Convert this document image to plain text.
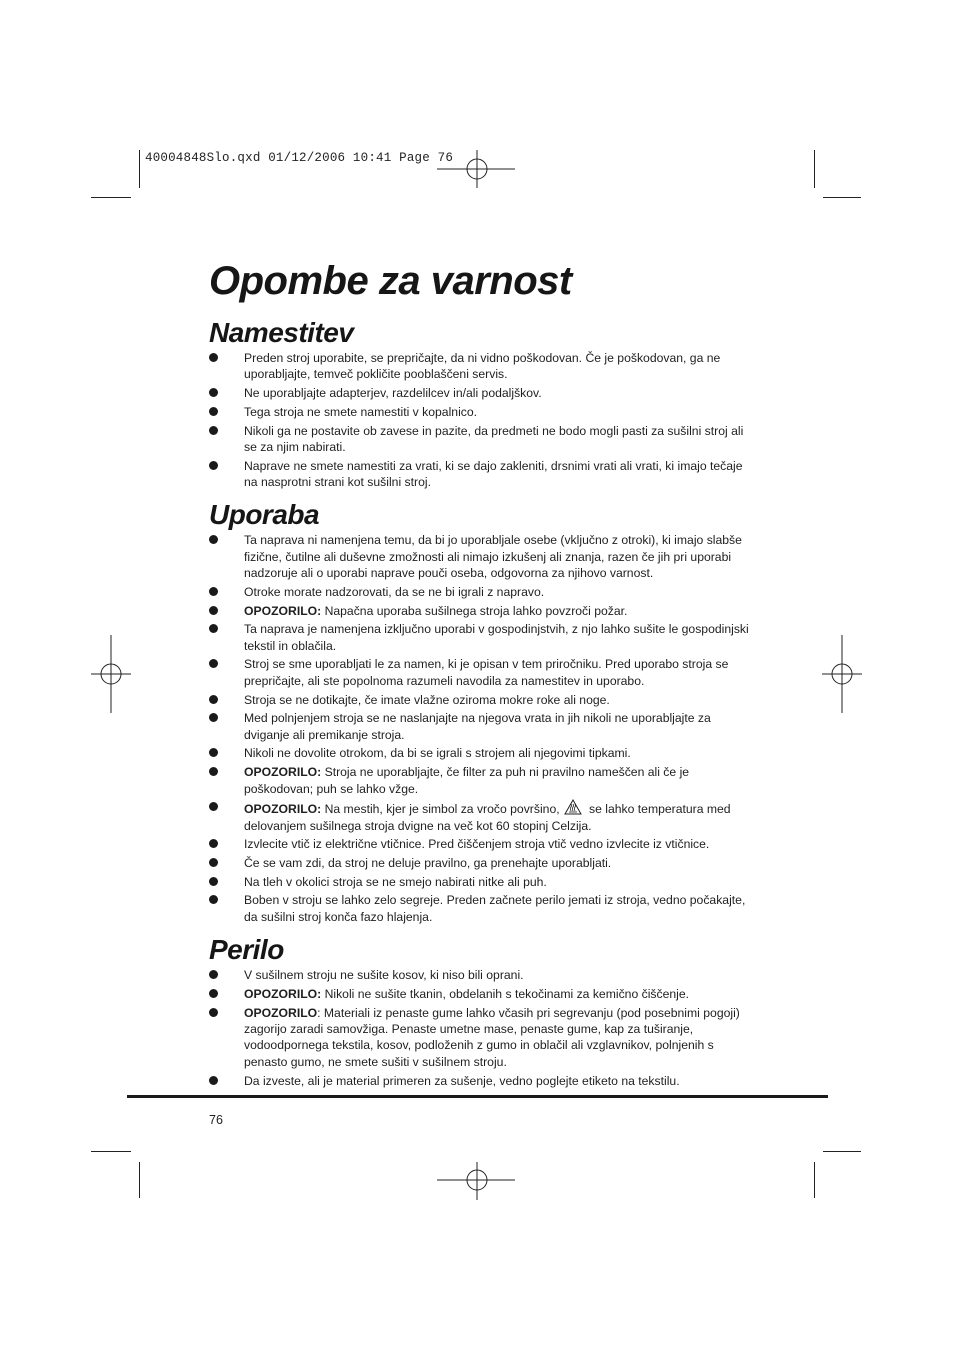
40004848Slo.qxd 01/12/2006 10:41 Page 76
Opombe za varnost
Namestitev
Preden stroj uporabite, se prepričajte, da ni vidno poškodovan. Če je poškodovan, ga ne uporabljajte, temveč pokličite pooblaščeni servis.
Ne uporabljajte adapterjev, razdelilcev in/ali podaljškov.
Tega stroja ne smete namestiti v kopalnico.
Nikoli ga ne postavite ob zavese in pazite, da predmeti ne bodo mogli pasti za sušilni stroj ali se za njim nabirati.
Naprave ne smete namestiti za vrati, ki se dajo zakleniti, drsnimi vrati ali vrati, ki imajo tečaje na nasprotni strani kot sušilni stroj.
Uporaba
Ta naprava ni namenjena temu, da bi jo uporabljale osebe (vključno z otroki), ki imajo slabše fizične, čutilne ali duševne zmožnosti ali nimajo izkušenj ali znanja, razen če jih pri uporabi nadzoruje ali o uporabi naprave pouči oseba, odgovorna za njihovo varnost.
Otroke morate nadzorovati, da se ne bi igrali z napravo.
OPOZORILO: Napačna uporaba sušilnega stroja lahko povzroči požar.
Ta naprava je namenjena izključno uporabi v gospodinjstvih, z njo lahko sušite le gospodinjski tekstil in oblačila.
Stroj se sme uporabljati le za namen, ki je opisan v tem priročniku. Pred uporabo stroja se prepričajte, ali ste popolnoma razumeli navodila za namestitev in uporabo.
Stroja se ne dotikajte, če imate vlažne oziroma mokre roke ali noge.
Med polnjenjem stroja se ne naslanjajte na njegova vrata in jih nikoli ne uporabljajte za dviganje ali premikanje stroja.
Nikoli ne dovolite otrokom, da bi se igrali s strojem ali njegovimi tipkami.
OPOZORILO: Stroja ne uporabljajte, če filter za puh ni pravilno nameščen ali če je poškodovan; puh se lahko vžge.
OPOZORILO: Na mestih, kjer je simbol za vročo površino, se lahko temperatura med delovanjem sušilnega stroja dvigne na več kot 60 stopinj Celzija.
Izvlecite vtič iz električne vtičnice. Pred čiščenjem stroja vtič vedno izvlecite iz vtičnice.
Če se vam zdi, da stroj ne deluje pravilno, ga prenehajte uporabljati.
Na tleh v okolici stroja se ne smejo nabirati nitke ali puh.
Boben v stroju se lahko zelo segreje. Preden začnete perilo jemati iz stroja, vedno počakajte, da sušilni stroj konča fazo hlajenja.
Perilo
V sušilnem stroju ne sušite kosov, ki niso bili oprani.
OPOZORILO: Nikoli ne sušite tkanin, obdelanih s tekočinami za kemično čiščenje.
OPOZORILO: Materiali iz penaste gume lahko včasih pri segrevanju (pod posebnimi pogoji) zagorijo zaradi samovžiga. Penaste umetne mase, penaste gume, kap za tuširanje, vodoodpornega tekstila, kosov, podloženih z gumo in oblačil ali vzglavnikov, polnjenih s penasto gumo, ne smete sušiti v sušilnem stroju.
Da izveste, ali je material primeren za sušenje, vedno poglejte etiketo na tekstilu.
76
